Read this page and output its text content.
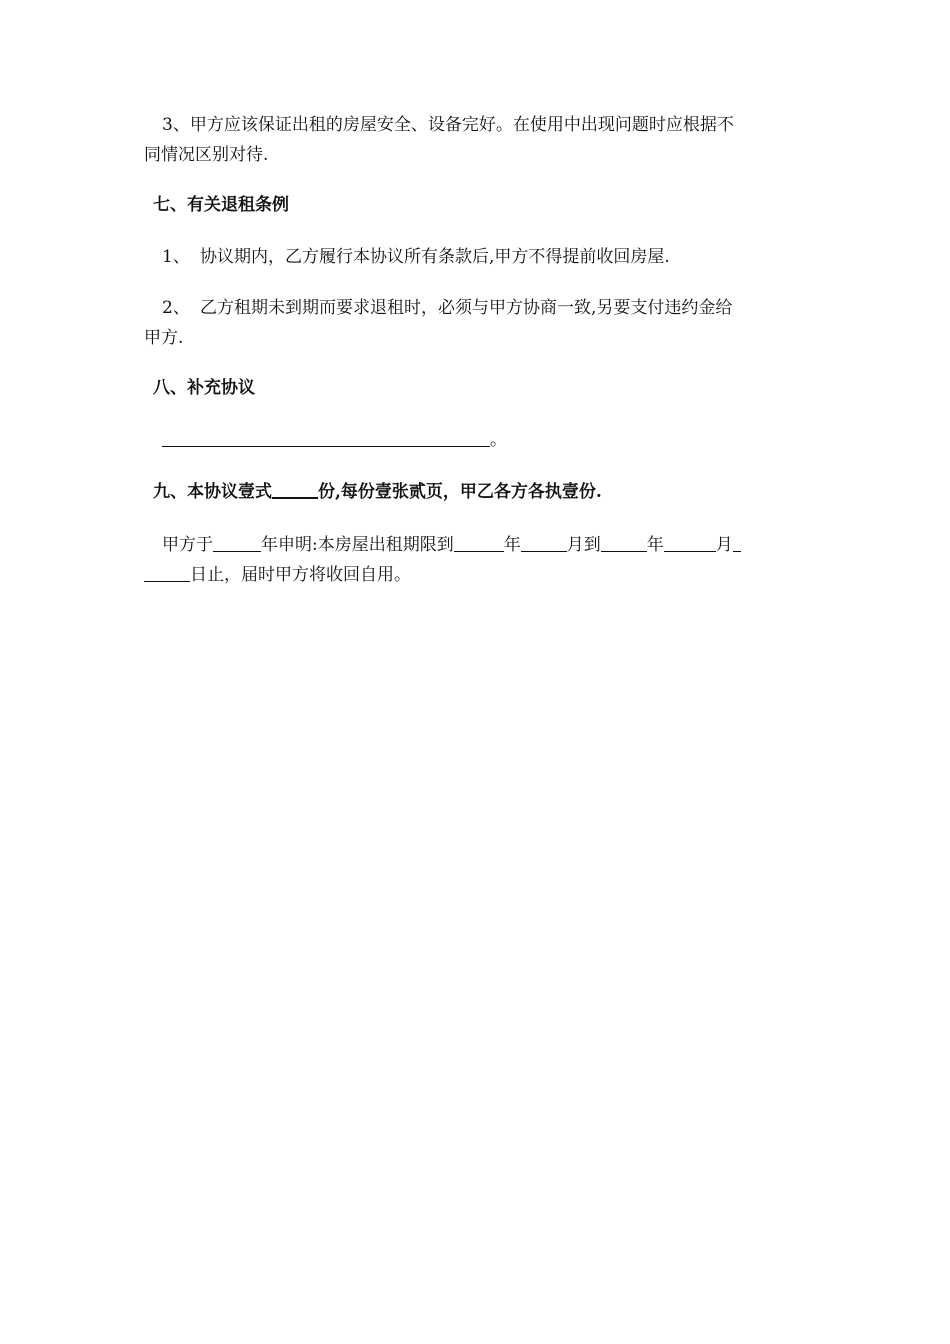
3、甲方应该保证出租的房屋安全、设备完好。在使用中出现问题时应根据不

同情况区别对待.

七、有关退租条例

1、 协议期内，乙方履行本协议所有条款后,甲方不得提前收回房屋.

2、 乙方租期未到期而要求退租时，必须与甲方协商一致,另要支付违约金给

甲方.

八、补充协议

。

九、本协议壹式	份,每份壹张贰页，甲乙各方各执壹份.

甲方于	年申明:本房屋出租期限到	年	月到	年	月

日止，届时甲方将收回自用。
